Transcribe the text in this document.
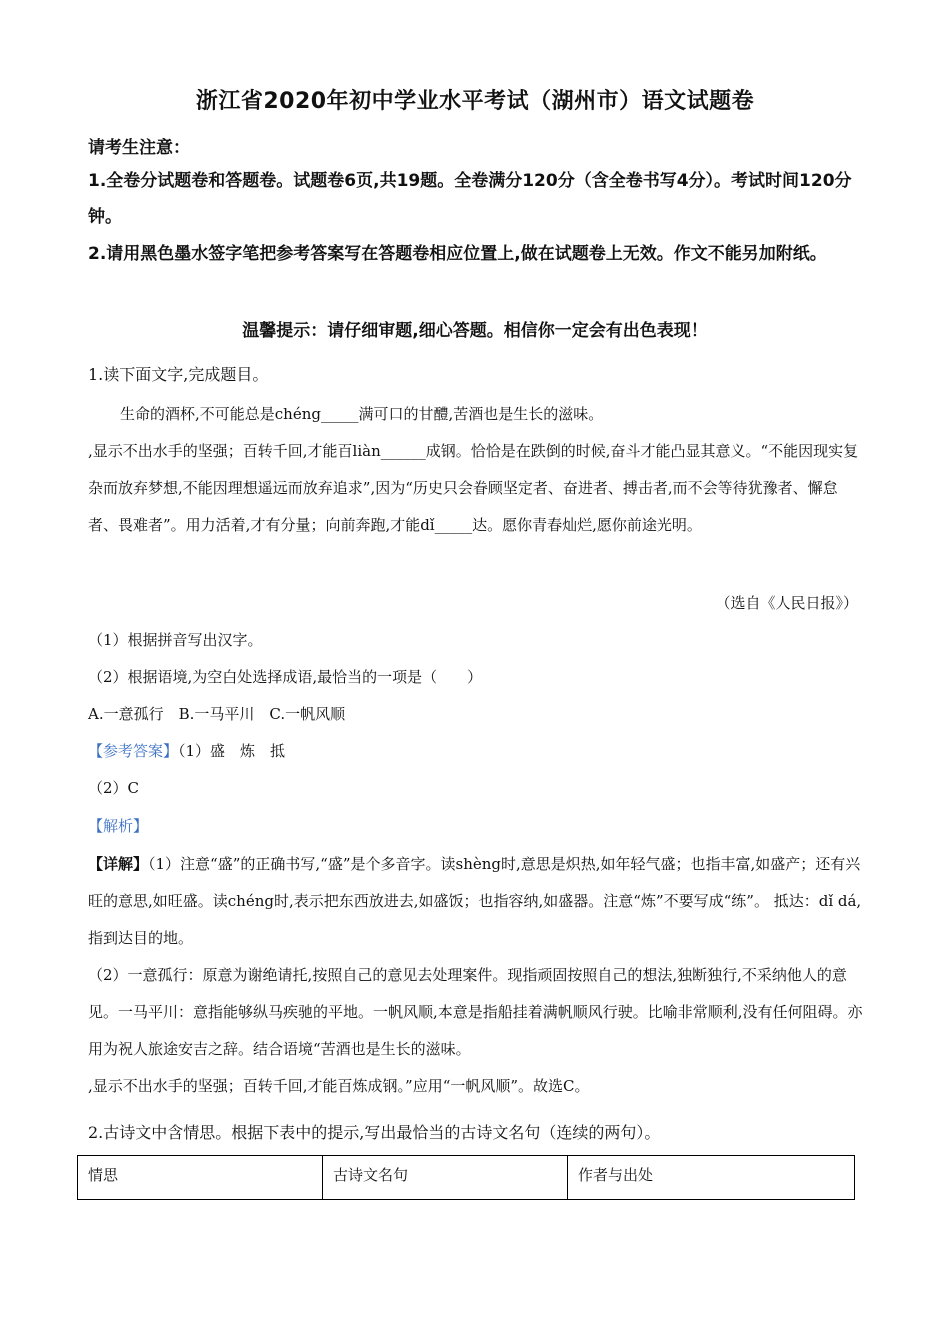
浙江省2020年初中学业水平考试（湖州市）语文试题卷
请考生注意：
1.全卷分试题卷和答题卷。试题卷6页,共19题。全卷满分120分（含全卷书写4分）。考试时间120分钟。
2.请用黑色墨水签字笔把参考答案写在答题卷相应位置上,做在试题卷上无效。作文不能另加附纸。
温馨提示：请仔细审题,细心答题。相信你一定会有出色表现！
1.读下面文字,完成题目。

生命的酒杯,不可能总是chéng_____满可口的甘醴,苦酒也是生长的滋味。

,显示不出水手的坚强；百转千回,才能百liàn______成钢。恰恰是在跌倒的时候,奋斗才能凸显其意义。“不能因现实复杂而放弃梦想,不能因理想遥远而放弃追求”,因为“历史只会眷顾坚定者、奋进者、搏击者,而不会等待犹豫者、懈怠者、畏难者”。用力活着,才有分量；向前奔跑,才能dǐ_____达。愿你青春灿烂,愿你前途光明。

（选自《人民日报》）
（1）根据拼音写出汉字。
（2）根据语境,为空白处选择成语,最恰当的一项是（　　）
A.一意孤行　B.一马平川　C.一帆风顺
【参考答案】（1）盛　炼　抵
（2）C
【解析】

【详解】（1）注意“盛”的正确书写,“盛”是个多音字。读shèng时,意思是炽热,如年轻气盛；也指丰富,如盛产；还有兴旺的意思,如旺盛。读chéng时,表示把东西放进去,如盛饭；也指容纳,如盛器。注意“炼”不要写成“练”。 抵达：dǐ dá,指到达目的地。

（2）一意孤行：原意为谢绝请托,按照自己的意见去处理案件。现指顽固按照自己的想法,独断独行,不采纳他人的意见。一马平川：意指能够纵马疾驰的平地。一帆风顺,本意是指船挂着满帆顺风行驶。比喻非常顺利,没有任何阻碍。亦用为祝人旅途安吉之辞。结合语境“苦酒也是生长的滋味。

,显示不出水手的坚强；百转千回,才能百炼成钢。”应用“一帆风顺”。故选C。

2.古诗文中含情思。根据下表中的提示,写出最恰当的古诗文名句（连续的两句）。
情思	古诗文名句	作者与出处
